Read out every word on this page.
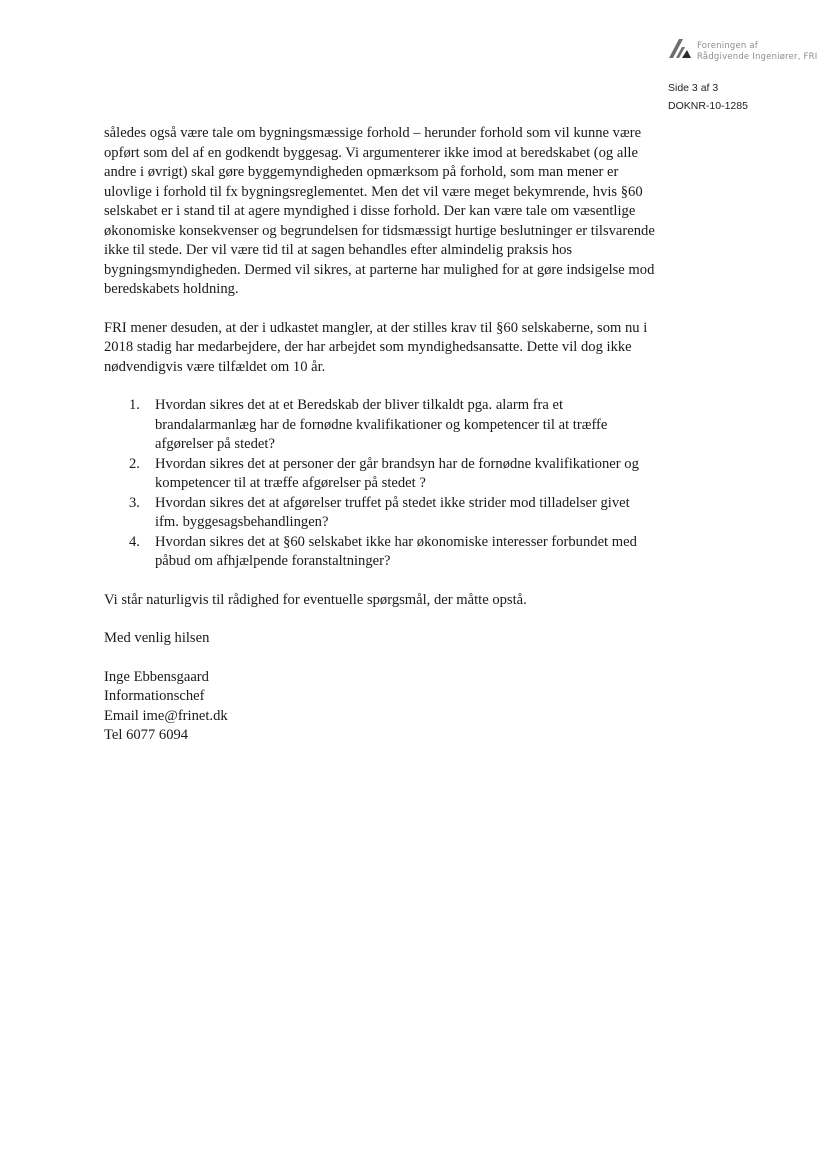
Foreningen af
Rådgivende Ingeniører, FRI
Side 3 af 3
DOKNR-10-1285

således også være tale om bygningsmæssige forhold – herunder forhold som vil kunne være opført som del af en godkendt byggesag. Vi argumenterer ikke imod at beredskabet (og alle andre i øvrigt) skal gøre byggemyndigheden opmærksom på forhold, som man mener er ulovlige i forhold til fx bygningsreglementet. Men det vil være meget bekymrende, hvis §60 selskabet er i stand til at agere myndighed i disse forhold. Der kan være tale om væsentlige økonomiske konsekvenser og begrundelsen for tidsmæssigt hurtige beslutninger er tilsvarende ikke til stede. Der vil være tid til at sagen behandles efter almindelig praksis hos bygningsmyndigheden. Dermed vil sikres, at parterne har mulighed for at gøre indsigelse mod beredskabets holdning.

FRI mener desuden, at der i udkastet mangler, at der stilles krav til §60 selskaberne, som nu i 2018 stadig har medarbejdere, der har arbejdet som myndighedsansatte. Dette vil dog ikke nødvendigvis være tilfældet om 10 år.

1. Hvordan sikres det at et Beredskab der bliver tilkaldt pga. alarm fra et brandalarmanlæg har de fornødne kvalifikationer og kompetencer til at træffe afgørelser på stedet?
2. Hvordan sikres det at personer der går brandsyn har de fornødne kvalifikationer og kompetencer til at træffe afgørelser på stedet ?
3. Hvordan sikres det at afgørelser truffet på stedet ikke strider mod tilladelser givet ifm. byggesagsbehandlingen?
4. Hvordan sikres det at §60 selskabet ikke har økonomiske interesser forbundet med påbud om afhjælpende foranstaltninger?

Vi står naturligvis til rådighed for eventuelle spørgsmål, der måtte opstå.

Med venlig hilsen

Inge Ebbensgaard
Informationschef
Email ime@frinet.dk
Tel 6077 6094
